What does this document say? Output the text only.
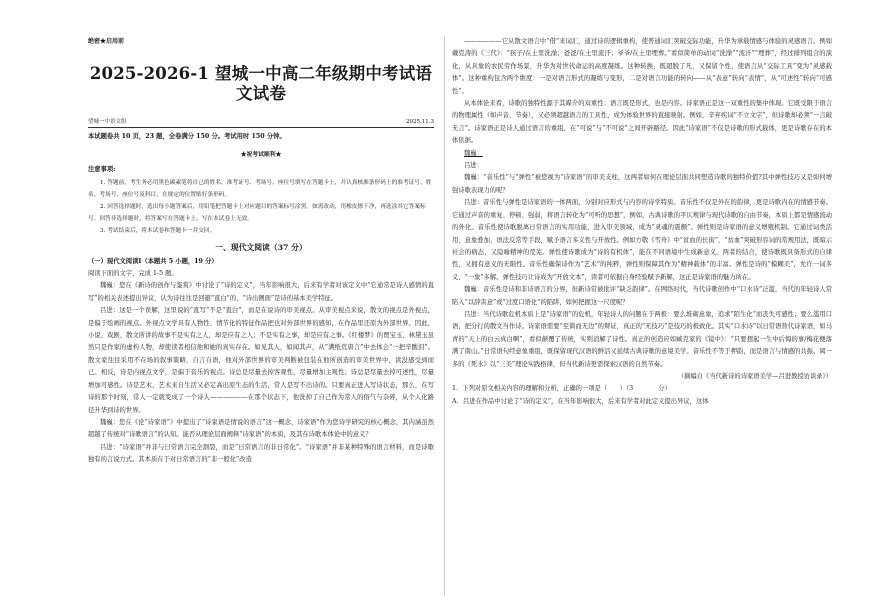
绝密★启用前
2025-2026-1 望城一中高二年级期中考试语文试卷
望城一中语文组	2025.11.3

本试题卷共 10 页，23 题，全卷满分 150 分。考试用时 150 分钟。

★祝考试顺利★

注意事项:

1. 答题前，考生务必用黑色碳素笔将自己的姓名、准考证号、考场号、座位号填写在答题卡上，并认真核准条形码上的准考证号、姓名、考场号、座位号及科目，在规定的位置贴好条形码。

2. 回答选择题时，选出每小题答案后，用铅笔把答题卡上对应题目的答案标号涂黑。如需改动，用橡皮擦干净，再选涂其它答案标号。回答非选择题时，将答案写在答题卡上。写在本试卷上无效。

3. 考试结束后，将本试卷和答题卡一并交回。

一、现代文阅读（37 分）

（一）现代文阅读Ⅰ（本题共 5 小题，19 分）

阅读下面的文字，完成 1-5 题。

魏巍：您在《新诗的创作与鉴赏》中讨论了“诗的定义”，当年影响很大，后来有学者对该定义中“它通常是诗人感情的直写”的相关表述提出异议，认为诗往往是回避“直白”的，“诗出侧面”是诗的基本美学特征。

吕进：这是一个误解，这里说的“直写”不是“直白”，而是在说诗的审美视点。从审美视点来说，散文的视点是外视点，是偏于绘画的视点。外视点文学具有人物性、情节化的特征作品把也对外部世界的感知，在作品里还原为外部世界。因此，小说、戏剧、散文所讲的故事不是实有之人，却是应有之人；不是实有之事，却是应有之事。《红楼梦》的贾宝玉、林黛玉虽然只是作家的虚构人物，却使读者相信他和她的真实存在。如见其人，如闻其声，从“满纸荒唐言”中去体会“一把辛酸泪”。散文家往往采用不在场的叙事策略，自言自语，他对外部世界的审美判断被包装在他所创造的审美世界中，读没感受到而已。相反，诗是内视点文学，是偏于音乐的视点。诗总是尽量去掉客观性，尽量增加主观性；诗总是尽量去掉可述性，尽量增加可感性。诗是艺术，艺术来自生活又必定高出原生态的生活，常人是写不出诗的。只要真正进入写诗状态，那么，在写诗的那个时刻，常人一定就变成了一个诗人——————在那个状态下，他洗掉了自己作为常人的俗气与杂碎，从个人化路径升华到诗的世界。

魏巍：您在《论“诗家语”》中提出了“诗家语是情说的语言”这一概念，诗家语”作为您诗学研究的核心概念，其内涵虽然超越了传统对“诗歌语言”的认知。能否从理论层面阐释“诗家语”的本质，及其在诗歌本体论中的意义？

吕进：“诗家语”并非与日常语言完全割裂，而是“日常语言的非日常化”。“诗家语”并非某种特殊的语言材料，而是诗歌独有的言说方式。其本质在于对日常语言的“非一般化”改造

——————它从散文语言中“借”来词汇，通过诗的逻辑重构，使普通词汇突破交际功能，升华为承载情感与体验的灵感语言。例如戴克涛的《三代》：“孩子/在土里洗澡；爸爸/在土里流汗；爷爷/在土里埋葬。”看似简单的动词“洗澡”“流汗”“埋葬”，经过排列组合的演化，从具象的农民劳作场景，升华为对世代命运的高度凝练。这种转换，既超脱了凡，又保留个性，使语言从“交际工具”变为“灵感载体”。这种重构包含两个维度：一是对语言形式的凝练与变形，二是对语言功能的转向——从“表意”转向“表情”，从“可述性”转向“可感性”。

从本体论来看，诗歌的独特性源于其媒介的双重性：语言既是形式，也是内容。诗家语正是这一双重性的集中体现。它既受限于语言的物理属性（如声音、节奏），又必须超越语言的工具性，成为体验世界的直接映射。例如，辛弃疾词“不立文字”，但诗歌却必须“一言破无言”。诗家语正是诗人通过语言的重组，在“可说”与“不可说”之间开辟路径。因此“诗家语”不仅是诗歌的形式载体，更是诗歌存在的本体依据。

魏巍：

吕进：

魏巍：“音乐性”与“弹性”被您视为“诗家语”的审美支柱，这两者如何在理论层面共同塑造诗歌的独特价值?其中弹性技巧又是如何增强诗歌表现力的呢？

吕进：音乐性与弹性是诗家语的一体两面，分别对应形式与内容的诗学特质。音乐性不仅是外在的韵律，更是诗歌内在的情感节奏。它通过声音的重复、停顿、强弱，将语言转化为“可听的思想”，例如，古典诗歌的平仄规律与现代诗歌的自由节奏，本质上都是情感流动的外化。音乐性使诗歌脱离日常语言的实用功能，进入审美领域，成为“灵魂的震颤”。弹性则是诗家语的意义增殖机制。它通过词类活用、意象叠加、语法反常等手段，赋予语言多义性与开放性。例如方敬《雪舟》中“贫血的长街”，“贫血”突破形容词的常规用法，既暗示社会的病态，又隐喻精神的荒芜。弹性使诗歌成为“诗的有机体”，能在不同语境中生成新意义。两者的结合，使诗歌既具备形式的自律性，又拥有意义的无限性。音乐性确保诗作为“艺术”的纯粹，弹性则保障其作为“精神载体”的丰富。弹性是诗的“模糊美”，允许一词多义、“一象”多解。弹性技巧让诗成为“开放文本”，读者可依据自身经验赋予新解，这正是诗家语的魅力所在。

魏巍：音乐性是诗和非诗语言的分界，但新诗常被批评“缺乏韵律”。在网络时代，当代诗歌创作中“口水诗”泛滥，当代的年轻诗人常陷入“以辞害意”或“过度口语化”的陷阱，如何把握这一尺度呢？

吕进：当代诗歌危机本质上是“诗家语”的危机，年轻诗人的问题在于两极：要么堆砌意象，追求“陌生化”而丧失可感性；要么滥用口语，把分行的散文当作诗。诗家语需要“至简而无边”的辩证，真正的“无技巧”是技巧的极致化。其实“口水诗”以日常语替代诗家语，如马青的“天上的白云真白啊”，看似颠覆了传统，实则消解了诗性。真正的创造应如臧克家的《镜中》：“只要想起一生中后悔的事/梅花便落满了南山。”日常语句经意象重组，既保留现代汉语的鲜活又延续古典诗歌的意境美学。音乐性不等于押韵，而是语言与情感的共振。阅一多的《死水》以“三美”理论实践格律，但当代新诗更需探索汉语的自然节奏。

（摘编自《当代新诗的诗家语美学—吕进教授访谈录》）

1．下列对原文相关内容的理解和分析，正确的一项是（　　）（3　　　　分）

A．吕进在作品中讨论了“诗的定义”，在当年影响很大，后来有学者对此定义提出异议，这体
